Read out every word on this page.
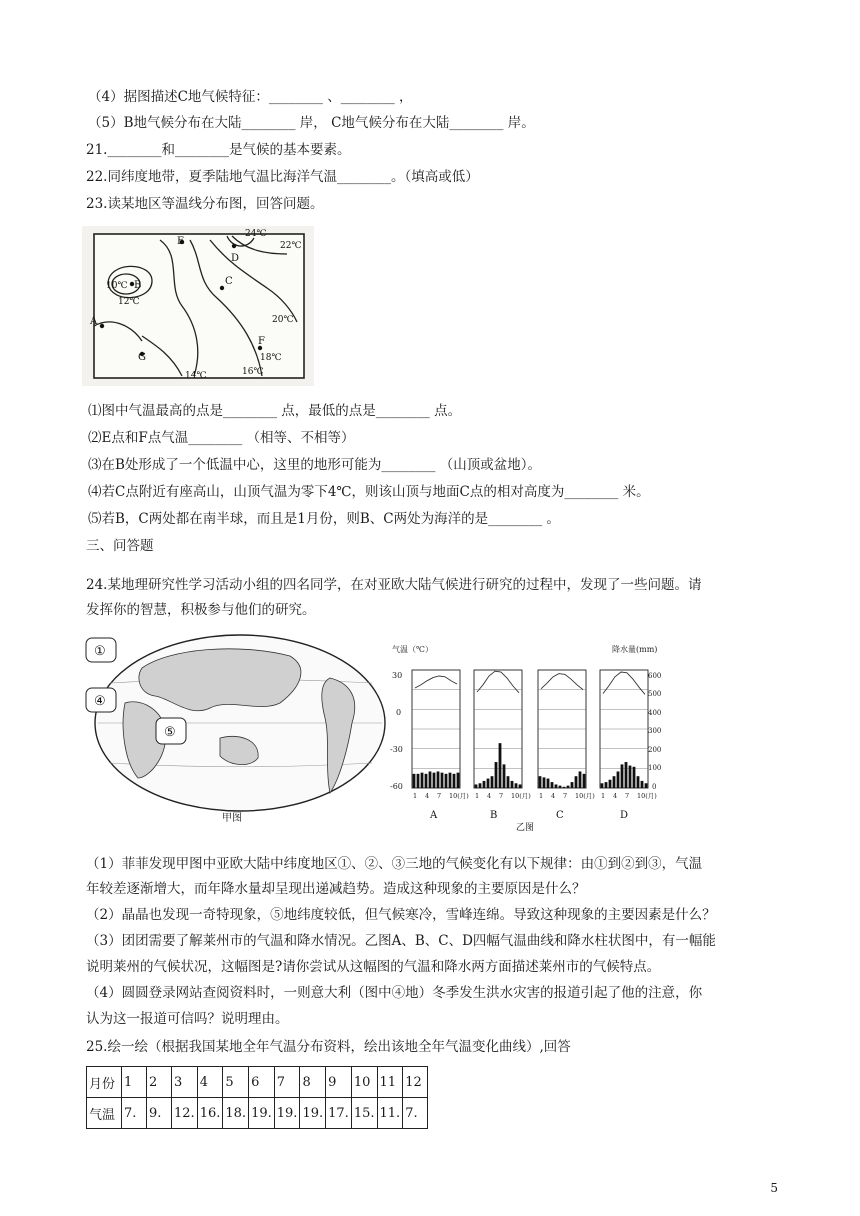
（4）据图描述C地气候特征：________ 、________ ，
（5）B地气候分布在大陆________ 岸， C地气候分布在大陆________ 岸。
21.________和________是气候的基本要素。
22.同纬度地带，夏季陆地气温比海洋气温________。（填高或低）
23.读某地区等温线分布图，回答问题。
A
B	C
D
E
F
G
10℃
12℃
14℃	16℃
18℃
20℃
22℃
24℃
⑴图中气温最高的点是________ 点，最低的点是________ 点。
⑵E点和F点气温________ （相等、不相等）
⑶在B处形成了一个低温中心，这里的地形可能为________ （山顶或盆地）。
⑷若C点附近有座高山，山顶气温为零下4℃，则该山顶与地面C点的相对高度为________ 米。
⑸若B，C两处都在南半球，而且是1月份，则B、C两处为海洋的是________ 。
三、问答题
24.某地理研究性学习活动小组的四名同学，在对亚欧大陆气候进行研究的过程中，发现了一些问题。请
发挥你的智慧，积极参与他们的研究。
①
④
⑤
甲图
气温（℃）	降水量(mm)
30
0
-30
-60
600
500
400
300
200
100
0
1 4 7 10(月) 1 4 7 10(月) 1 4 7 10(月) 1 4 7 10(月)
A	B	C	D
乙图
（1）菲菲发现甲图中亚欧大陆中纬度地区①、②、③三地的气候变化有以下规律：由①到②到③，气温
年较差逐渐增大，而年降水量却呈现出递减趋势。造成这种现象的主要原因是什么？
（2）晶晶也发现一奇特现象，⑤地纬度较低，但气候寒冷，雪峰连绵。导致这种现象的主要因素是什么？
（3）团团需要了解莱州市的气温和降水情况。乙图A、B、C、D四幅气温曲线和降水柱状图中，有一幅能
说明莱州的气候状况，这幅图是?请你尝试从这幅图的气温和降水两方面描述莱州市的气候特点。
（4）圆圆登录网站查阅资料时，一则意大利（图中④地）冬季发生洪水灾害的报道引起了他的注意，你
认为这一报道可信吗？说明理由。
25.绘一绘（根据我国某地全年气温分布资料，绘出该地全年气温变化曲线）,回答
月份	1	2	3	4	5	6	7	8	9	10	11	12
气温	7.	9.	12.	16.	18.	19.	19.	19.	17.	15.	11.	7.
5
